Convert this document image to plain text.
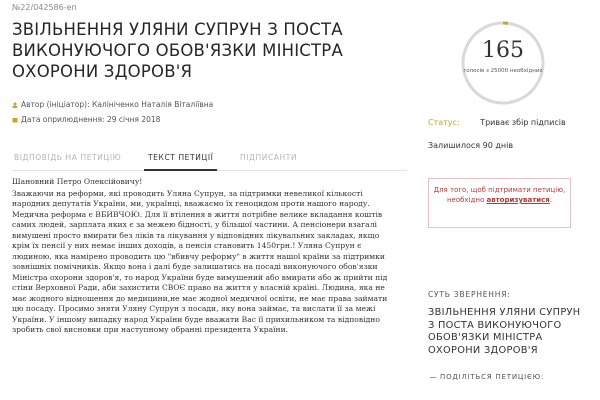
№22/042586-еп
ЗВІЛЬНЕННЯ УЛЯНИ СУПРУН З ПОСТА ВИКОНУЮЧОГО ОБОВ'ЯЗКИ МІНІСТРА ОХОРОНИ ЗДОРОВ'Я
Автор (ініціатор): Калініченко Наталія Віталіївна
Дата оприлюднення: 29 січня 2018
ВІДПОВІДЬ НА ПЕТИЦІЮ	ТЕКСТ ПЕТИЦІЇ	ПІДПИСАНТИ

Шановний Петро Олексійовичу!

Зважаючи на реформи, які проводить Уляна Супрун, за підтримки невеликої кількості народних депутатів України, ми, українці, вважаємо їх геноцидом проти нашого народу. Медична реформа є ВБИВЧОЮ. Для її втілення в життя потрібне велике вкладання коштів самих людей, зарплата яких є за межею бідності, у більшої частини. А пенсіонери взагалі вимушені просто вмирати без ліків та лікування у відповідних лікувальних закладах, якщо крім їх пенсії у них немає інших доходів, а пенсія становить 1450грн.! Уляна Супрун є людиною, яка намірено проводить цю "вбивчу реформу" в життя нашої країни за підтримки зовнішніх помічників. Якщо вона і далі буде залишатись на посаді виконуючого обов'язки Міністра охорони здоров'я, то народ України буде вимушений або вмирати або ж прийти під стіни Верховної Ради, аби захистити СВОЄ право на життя у власній країні. Людина, яка не має жодного відношення до медицини,не має жодної медичної освіти, не має права займати цю посаду. Просимо зняти Уляну Супрун з посади, яку вона займає, та вислати її за межі України. У іншому випадку народ України буде вважати Вас її прихильником та відповідно зробить свої висновки при наступному обранні президента України.

165
голосів з 25000 необхідних
Статус:	Триває збір підписів
Залишилося 90 днів
Для того, щоб підтримати петицію, необхідно авторизуватися.
СУТЬ ЗВЕРНЕННЯ:
ЗВІЛЬНЕННЯ УЛЯНИ СУПРУН З ПОСТА ВИКОНУЮЧОГО ОБОВ'ЯЗКИ МІНІСТРА ОХОРОНИ ЗДОРОВ'Я
ПОДІЛІТЬСЯ ПЕТИЦІЄЮ:
